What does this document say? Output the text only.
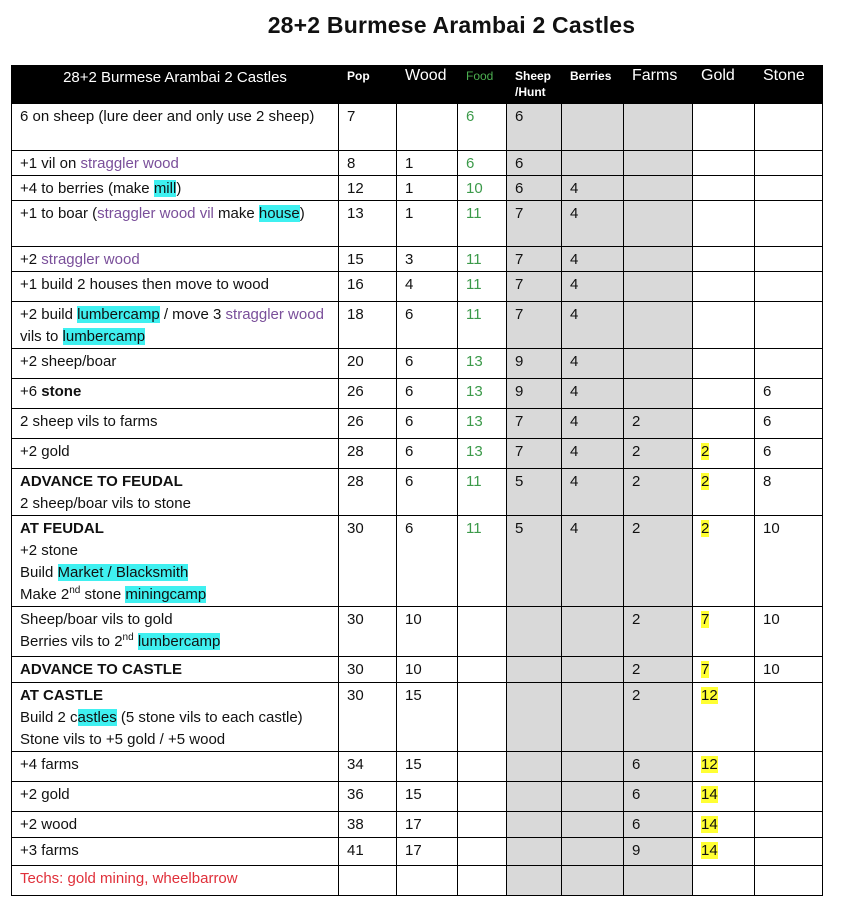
28+2 Burmese Arambai 2 Castles
28+2 Burmese Arambai 2 Castles	Pop	Wood	Food	Sheep /Hunt	Berries	Farms	Gold	Stone
6 on sheep (lure deer and only use 2 sheep)	7		6	6				
+1 vil on straggler wood	8	1	6	6				
+4 to berries (make mill)	12	1	10	6	4			
+1 to boar (straggler wood vil make house)	13	1	11	7	4			
+2 straggler wood	15	3	11	7	4			
+1 build 2 houses then move to wood	16	4	11	7	4			
+2 build lumbercamp / move 3 straggler wood vils to lumbercamp	18	6	11	7	4			
+2 sheep/boar	20	6	13	9	4			
+6 stone	26	6	13	9	4			6
2 sheep vils to farms	26	6	13	7	4	2		6
+2 gold	28	6	13	7	4	2	2	6
ADVANCE TO FEUDAL
2 sheep/boar vils to stone	28	6	11	5	4	2	2	8
AT FEUDAL
+2 stone
Build Market / Blacksmith
Make 2nd stone miningcamp	30	6	11	5	4	2	2	10
Sheep/boar vils to gold
Berries vils to 2nd lumbercamp	30	10				2	7	10
ADVANCE TO CASTLE	30	10				2	7	10
AT CASTLE
Build 2 castles (5 stone vils to each castle)
Stone vils to +5 gold / +5 wood	30	15				2	12	
+4 farms	34	15				6	12	
+2 gold	36	15				6	14	
+2 wood	38	17				6	14	
+3 farms	41	17				9	14	
Techs: gold mining, wheelbarrow								
